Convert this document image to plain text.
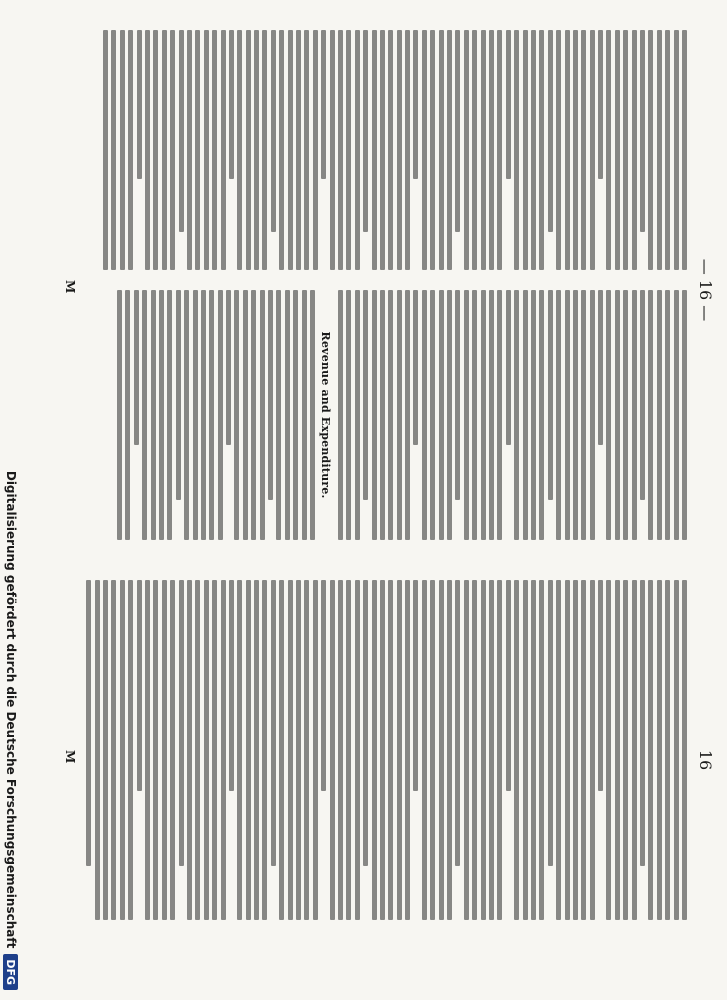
— 16 —
Revenue and Expenditure.
M
16
M
Digitalisierung gefördert durch die Deutsche Forschungsgemeinschaft
DFG
